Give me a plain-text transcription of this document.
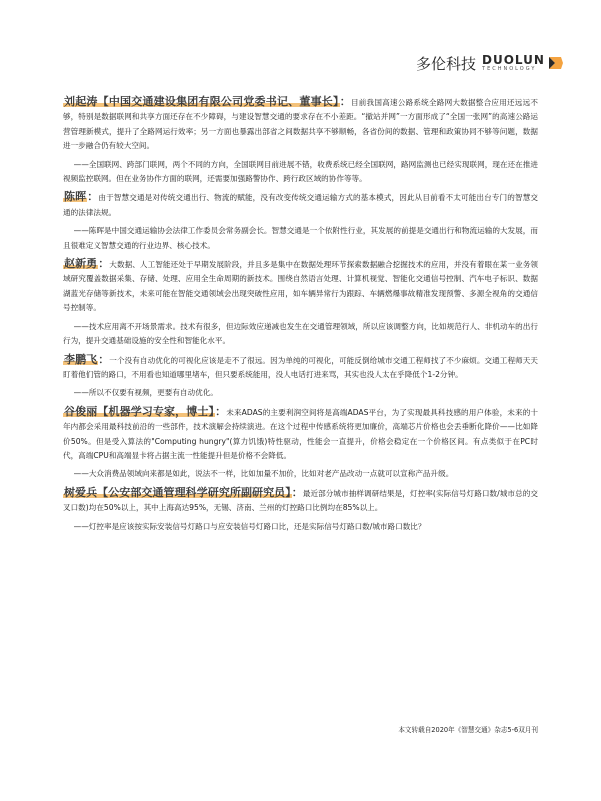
多伦科技 DUOLUN
TECHNOLOGY

刘起涛【中国交通建设集团有限公司党委书记、董事长】：目前我国高速公路系统全路网大数据整合应用还远远不够，特别是数据联网和共享方面还存在不少障碍，与建设智慧交通的要求存在不小差距。“撤站并网”一方面形成了“全国一张网”的高速公路运营管理新模式，提升了全路网运行效率；另一方面也暴露出部省之间数据共享不够顺畅，各省份间的数据、管理和政策协同不够等问题，数据进一步融合仍有较大空间。

——全国联网、跨部门联网，两个不同的方向，全国联网目前进展不错，收费系统已经全国联网，路网监测也已经实现联网，现在还在推进视频监控联网。但在业务协作方面的联网，还需要加强路警协作、跨行政区域的协作等等。

陈晖：由于智慧交通是对传统交通出行、物流的赋能，没有改变传统交通运输方式的基本模式，因此从目前看不太可能出台专门的智慧交通的法律法规。

——陈晖是中国交通运输协会法律工作委员会常务副会长。智慧交通是一个依附性行业，其发展的前提是交通出行和物流运输的大发展，而且很难定义智慧交通的行业边界、核心技术。

赵新勇：大数据、人工智能还处于早期发展阶段，并且多是集中在数据处理环节探索数据融合挖掘技术的应用，并没有着眼在某一业务领域研究覆盖数据采集、存储、处理、应用全生命周期的新技术。围绕自然语言处理、计算机视觉、智能化交通信号控制、汽车电子标识、数据湖蓝光存储等新技术，未来可能在智能交通领域会出现突破性应用，如车辆异常行为跟踪、车辆燃爆事故精准发现预警、多源全视角的交通信号控制等。

——技术应用离不开场景需求。技术有很多，但边际效应递减也发生在交通管理领域，所以应该调整方向，比如规范行人、非机动车的出行行为，提升交通基础设施的安全性和智能化水平。

李鹏飞：一个没有自动优化的可视化应该是走不了很远。因为单纯的可视化，可能反倒给城市交通工程师找了不少麻烦。交通工程师天天盯着他们管的路口，不用看也知道哪里堵车，但只要系统能用，没人电话打进来骂，其实也没人太在乎降低个1-2分钟。

——所以不仅要有视频，更要有自动优化。

谷俊丽【机器学习专家，博士】：未来ADAS的主要利润空间将是高端ADAS平台，为了实现最具科技感的用户体验，未来的十年内都会采用最科技前沿的一些部件，技术演解会持续演进。在这个过程中传感系统将更加廉价，高端芯片价格也会丢垂断化降价——比如降价50%。但是受入算法的"Computing hungry"(算力饥饿)特性驱动，性能会一直提升，价格会稳定在一个价格区间。有点类似于在PC时代，高端CPU和高端显卡将占据主流一性能提升但是价格不会降低。

——大众消费品领域向来都是如此，说法不一样，比如加量不加价，比如对老产品改动一点就可以宣称产品升级。

树爱兵【公安部交通管理科学研究所副研究员】：最近部分城市抽样调研结果是，灯控率(实际信号灯路口数/城市总的交叉口数)均在50%以上，其中上海高达95%，无锡、济南、兰州的灯控路口比例均在85%以上。

——灯控率是应该按实际安装信号灯路口与应安装信号灯路口比，还是实际信号灯路口数/城市路口数比？

本文转载自2020年《智慧交通》杂志5-6双月刊
